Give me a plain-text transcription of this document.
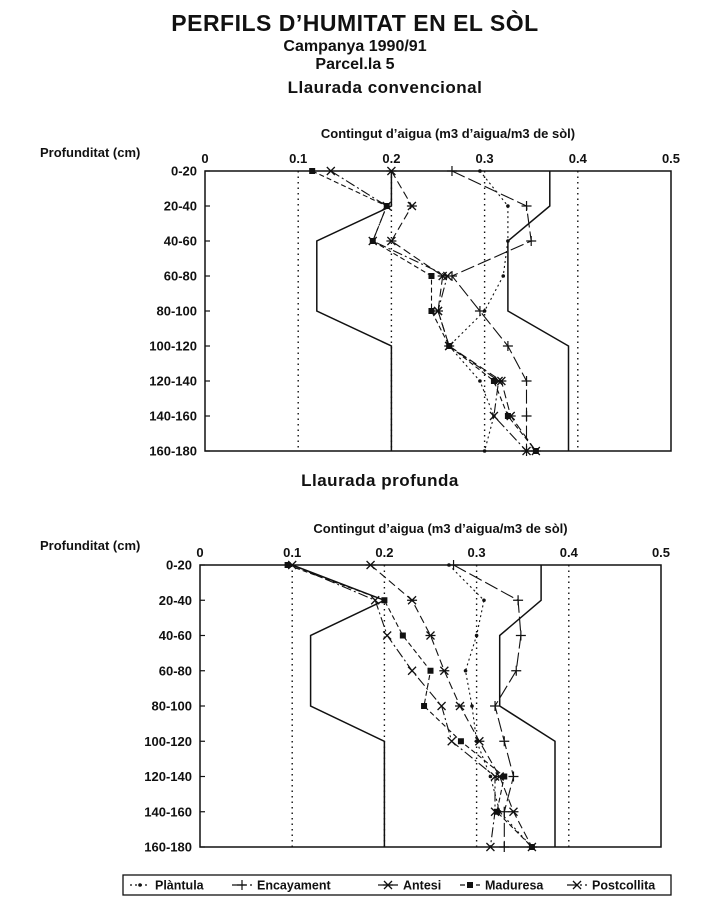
PERFILS D’HUMITAT EN EL SÒL
Campanya 1990/91
Parcel.la 5
Llaurada convencional
Contingut d’aigua (m3 d’aigua/m3 de sòl)
Profunditat (cm)	0	0.1	0.2	0.3	0.4	0.5
0-20
20-40
40-60
60-80
80-100
100-120
120-140
140-160
160-180
Llaurada profunda
Contingut d’aigua (m3 d’aigua/m3 de sòl)
Profunditat (cm)	0	0.1	0.2	0.3	0.4	0.5
0-20
20-40
40-60
60-80
80-100
100-120
120-140
140-160
160-180
Plàntula	Encayament	Antesi	Maduresa	Postcollita
